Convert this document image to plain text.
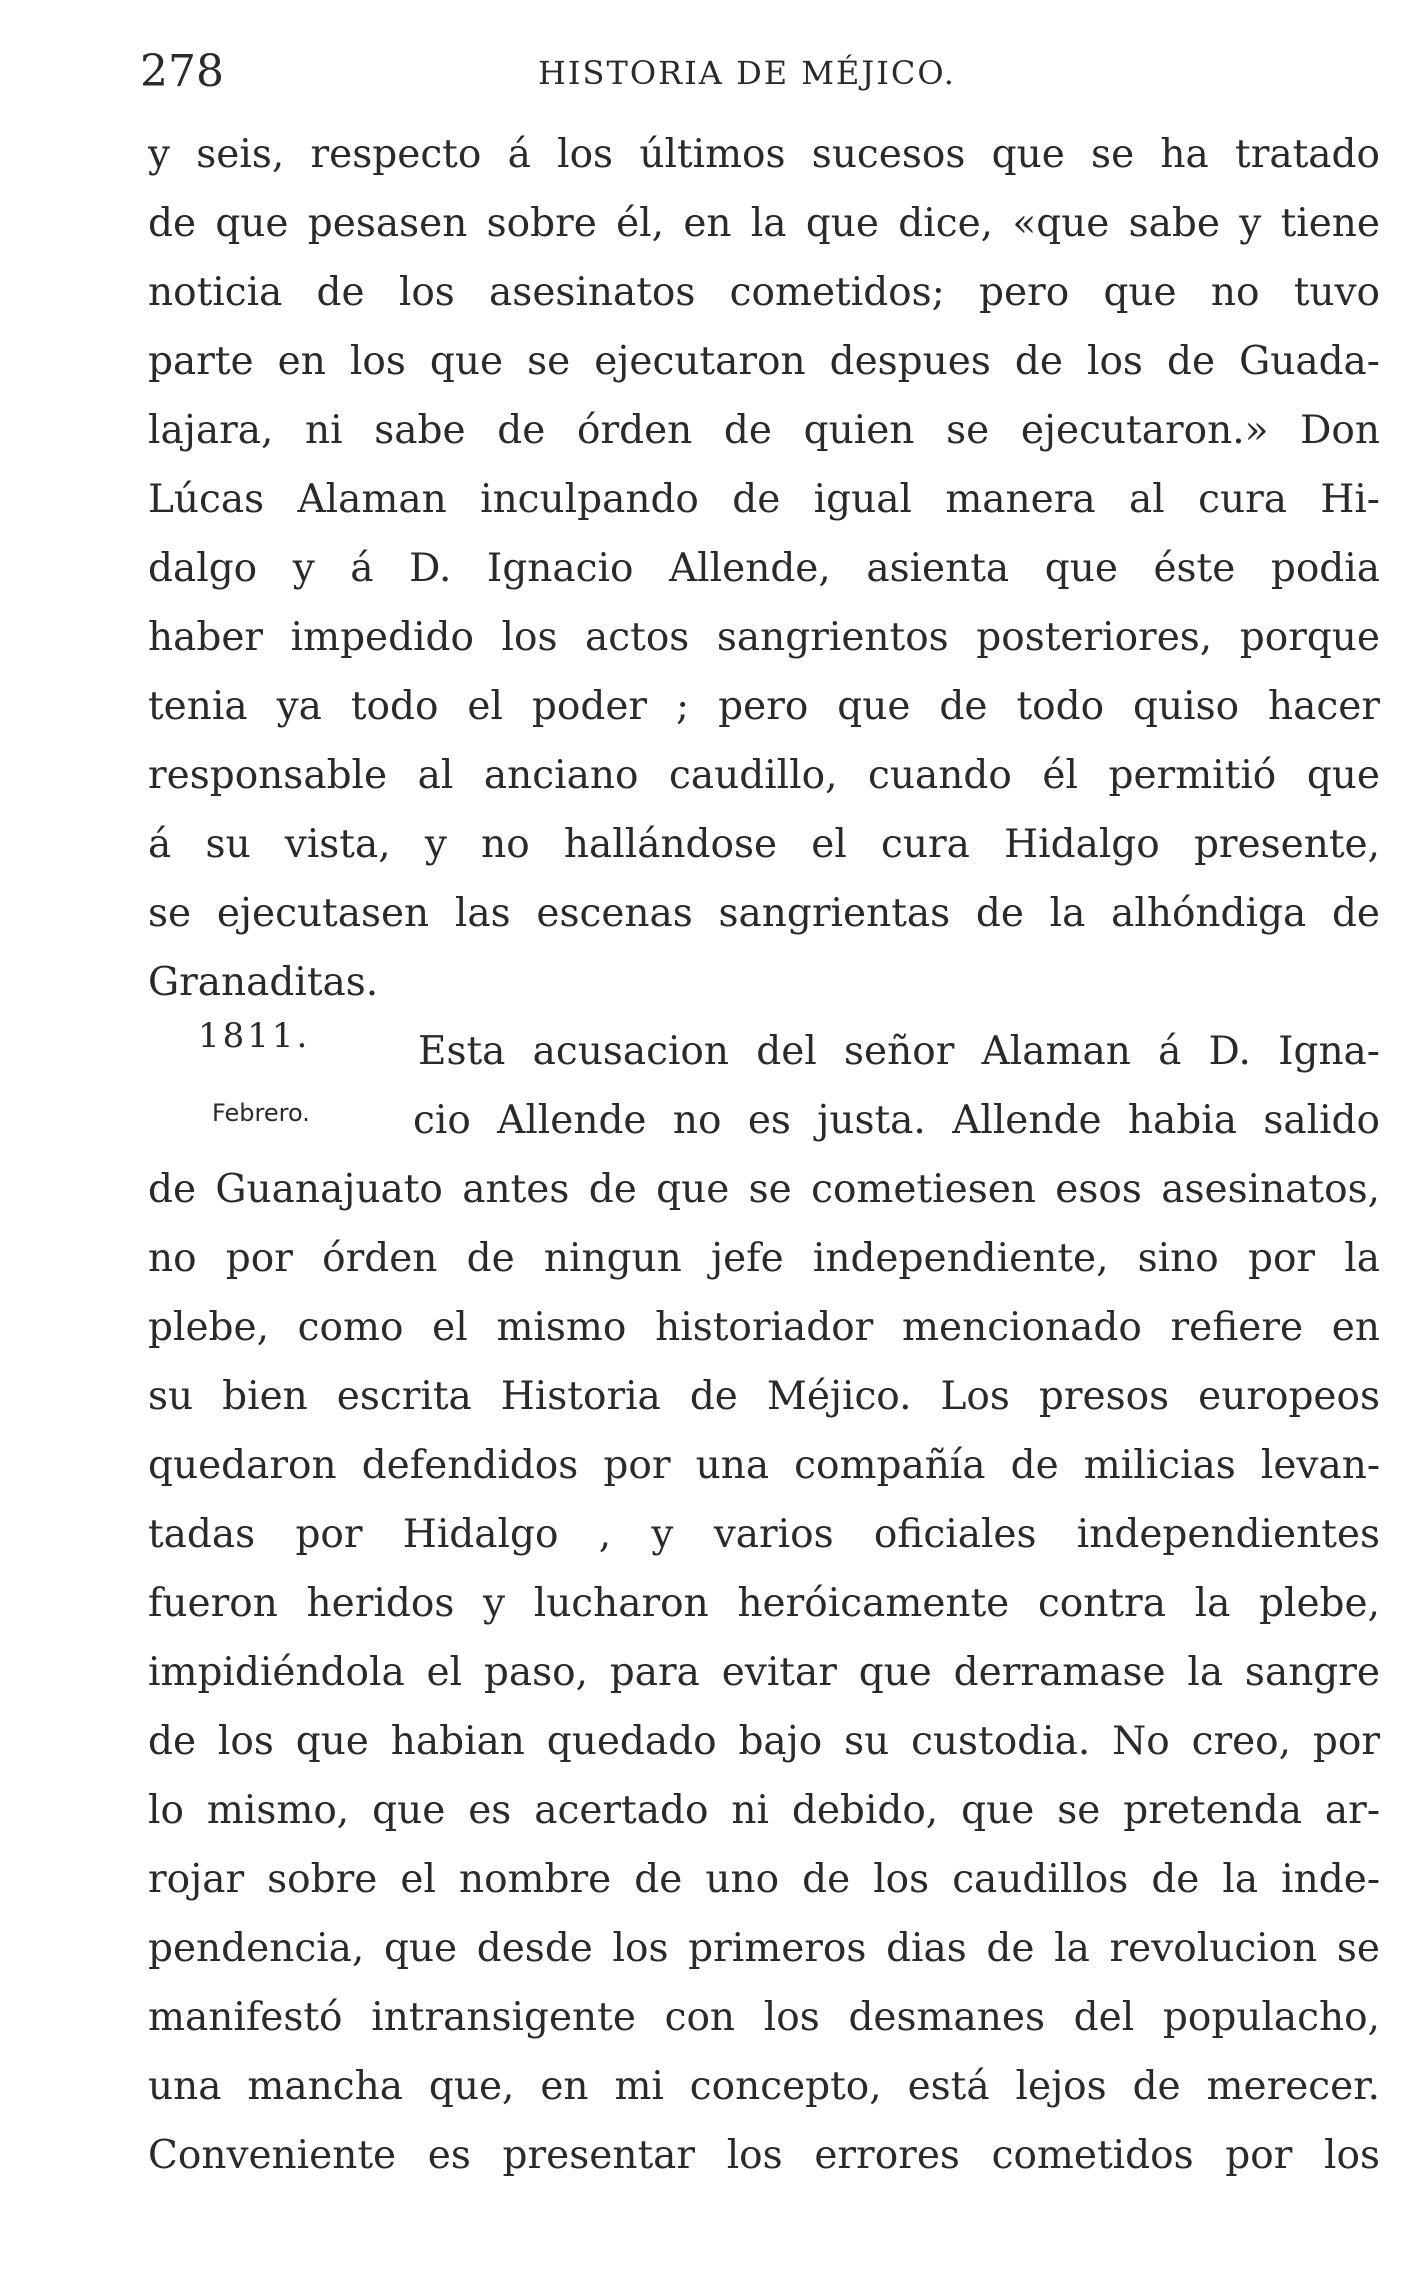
278	HISTORIA DE MÉJICO.
y seis, respecto á los últimos sucesos que se ha tratado
de que pesasen sobre él, en la que dice, «que sabe y tiene
noticia de los asesinatos cometidos; pero que no tuvo
parte en los que se ejecutaron despues de los de Guada-
lajara, ni sabe de órden de quien se ejecutaron.» Don
Lúcas Alaman inculpando de igual manera al cura Hi-
dalgo y á D. Ignacio Allende, asienta que éste podia
haber impedido los actos sangrientos posteriores, porque
tenia ya todo el poder ; pero que de todo quiso hacer
responsable al anciano caudillo, cuando él permitió que
á su vista, y no hallándose el cura Hidalgo presente,
se ejecutasen las escenas sangrientas de la alhóndiga de
Granaditas.
Esta acusacion del señor Alaman á D. Igna-
cio Allende no es justa. Allende habia salido
de Guanajuato antes de que se cometiesen esos asesinatos,
no por órden de ningun jefe independiente, sino por la
plebe, como el mismo historiador mencionado refiere en
su bien escrita Historia de Méjico. Los presos europeos
quedaron defendidos por una compañía de milicias levan-
tadas por Hidalgo , y varios oficiales independientes
fueron heridos y lucharon heróicamente contra la plebe,
impidiéndola el paso, para evitar que derramase la sangre
de los que habian quedado bajo su custodia. No creo, por
lo mismo, que es acertado ni debido, que se pretenda ar-
rojar sobre el nombre de uno de los caudillos de la inde-
pendencia, que desde los primeros dias de la revolucion se
manifestó intransigente con los desmanes del populacho,
una mancha que, en mi concepto, está lejos de merecer.
Conveniente es presentar los errores cometidos por los
1811.
Febrero.
